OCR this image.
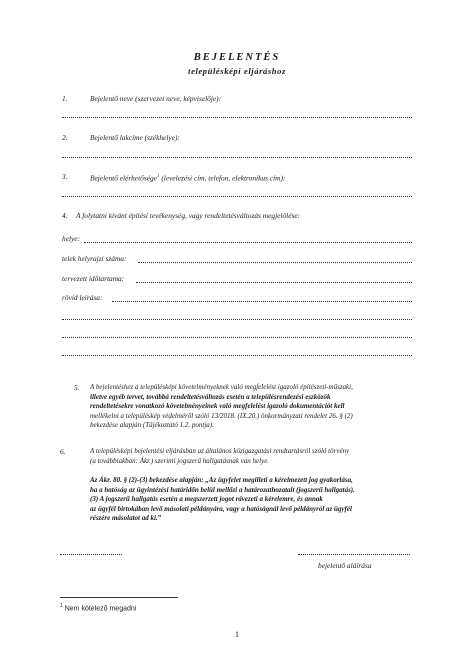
BEJELENTÉS
településképi eljáráshoz
1.	Bejelentő neve (szervezet neve, képviselője):
2.	Bejelentő lakcíme (székhelye):
3.	Bejelentő elérhetősége$^1$ (levelezési cím, telefon, elektronikus cím):
4. A folytatni kívánt építési tevékenység, vagy rendeltetésváltozás megjelölése:
helye:
telek helyrajzi száma:
tervezett időtartama:
rövid leírása:
5. A bejelentéshez a településképi követelményeknek való megfelelést igazoló építészeti-műszaki,
illetve egyéb tervet, továbbá rendeltetésváltozás esetén a településrendezési eszközök
rendeltetésekre vonatkozó követelményeinek való megfelelést igazoló dokumentációt kell
mellékelni a településkép védelméről szóló 13/2018. (IX.20.) önkormányzati rendelet 26. § (2)
bekezdése alapján (Tájékoztató 1.2. pontja).
6.	A településképi bejelentési eljárásban az általános közigazgatási rendtartásról szóló törvény
(a továbbiakban: Ákr.) szerinti jogszerű hallgatásnak van helye.
Az Ákr. 80. § (2)-(3) bekezdése alapján: „Az ügyfelet megilleti a kérelmezett jog gyakorlása,
ha a hatóság az ügyintézési határidőn belül mellőzi a határozathozatalt (jogszerű hallgatás).
(3) A jogszerű hallgatás esetén a megszerzett jogot rávezeti a kérelemre, és annak
az ügyfél birtokában levő másolati példányára, vagy a hatóságnál levő példányról az ügyfél
részére másolatot ad ki.”
bejelentő aláírása
$^1$ Nem kötelező megadni
1
